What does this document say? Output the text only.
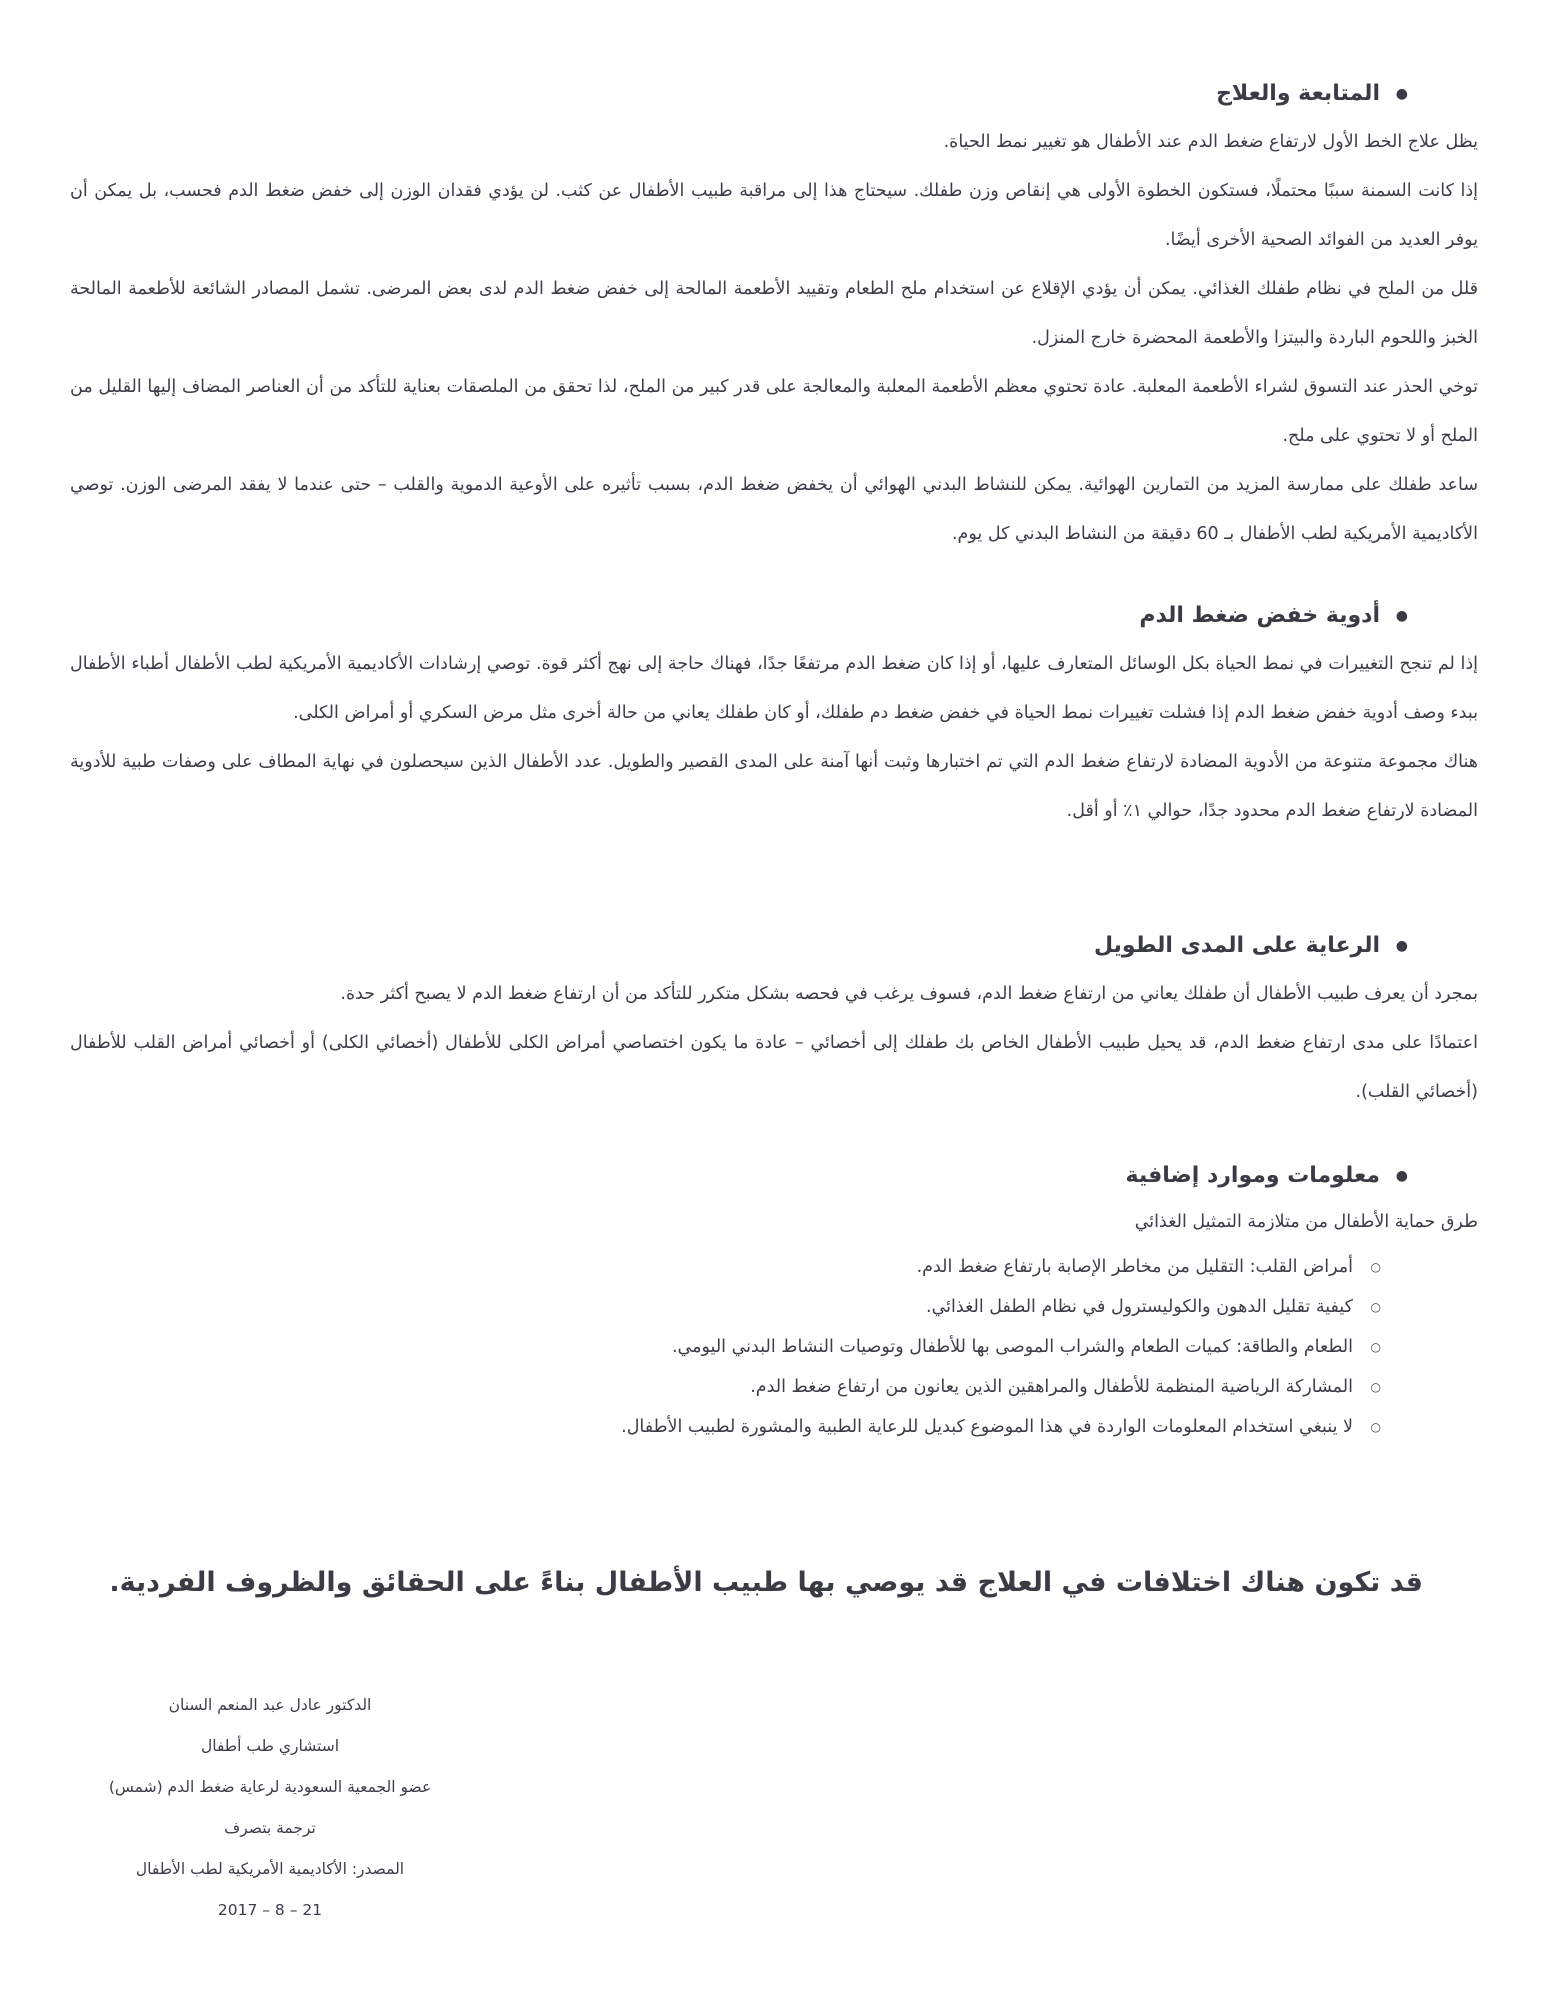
●
المتابعة والعلاج

يظل علاج الخط الأول لارتفاع ضغط الدم عند الأطفال هو تغيير نمط الحياة.

إذا كانت السمنة سببًا محتملًا، فستكون الخطوة الأولى هي إنقاص وزن طفلك. سيحتاج هذا إلى مراقبة طبيب الأطفال عن كثب. لن يؤدي فقدان الوزن إلى خفض ضغط الدم فحسب، بل يمكن أن يوفر العديد من الفوائد الصحية الأخرى أيضًا.

قلل من الملح في نظام طفلك الغذائي. يمكن أن يؤدي الإقلاع عن استخدام ملح الطعام وتقييد الأطعمة المالحة إلى خفض ضغط الدم لدى بعض المرضى. تشمل المصادر الشائعة للأطعمة المالحة الخبز واللحوم الباردة والبيتزا والأطعمة المحضرة خارج المنزل.

توخي الحذر عند التسوق لشراء الأطعمة المعلبة. عادة تحتوي معظم الأطعمة المعلبة والمعالجة على قدر كبير من الملح، لذا تحقق من الملصقات بعناية للتأكد من أن العناصر المضاف إليها القليل من الملح أو لا تحتوي على ملح.

ساعد طفلك على ممارسة المزيد من التمارين الهوائية. يمكن للنشاط البدني الهوائي أن يخفض ضغط الدم، بسبب تأثيره على الأوعية الدموية والقلب – حتى عندما لا يفقد المرضى الوزن. توصي الأكاديمية الأمريكية لطب الأطفال بـ 60 دقيقة من النشاط البدني كل يوم.

●
أدوية خفض ضغط الدم

إذا لم تنجح التغييرات في نمط الحياة بكل الوسائل المتعارف عليها، أو إذا كان ضغط الدم مرتفعًا جدًا، فهناك حاجة إلى نهج أكثر قوة. توصي إرشادات الأكاديمية الأمريكية لطب الأطفال أطباء الأطفال ببدء وصف أدوية خفض ضغط الدم إذا فشلت تغييرات نمط الحياة في خفض ضغط دم طفلك، أو كان طفلك يعاني من حالة أخرى مثل مرض السكري أو أمراض الكلى.

هناك مجموعة متنوعة من الأدوية المضادة لارتفاع ضغط الدم التي تم اختبارها وثبت أنها آمنة على المدى القصير والطويل. عدد الأطفال الذين سيحصلون في نهاية المطاف على وصفات طبية للأدوية المضادة لارتفاع ضغط الدم محدود جدًا، حوالي ١٪ أو أقل.

●
الرعاية على المدى الطويل

بمجرد أن يعرف طبيب الأطفال أن طفلك يعاني من ارتفاع ضغط الدم، فسوف يرغب في فحصه بشكل متكرر للتأكد من أن ارتفاع ضغط الدم لا يصبح أكثر حدة.

اعتمادًا على مدى ارتفاع ضغط الدم، قد يحيل طبيب الأطفال الخاص بك طفلك إلى أخصائي – عادة ما يكون اختصاصي أمراض الكلى للأطفال (أخصائي الكلى) أو أخصائي أمراض القلب للأطفال (أخصائي القلب).

●
معلومات وموارد إضافية

طرق حماية الأطفال من متلازمة التمثيل الغذائي

○
أمراض القلب: التقليل من مخاطر الإصابة بارتفاع ضغط الدم.
○
كيفية تقليل الدهون والكوليسترول في نظام الطفل الغذائي.
○
الطعام والطاقة: كميات الطعام والشراب الموصى بها للأطفال وتوصيات النشاط البدني اليومي.
○
المشاركة الرياضية المنظمة للأطفال والمراهقين الذين يعانون من ارتفاع ضغط الدم.
○
لا ينبغي استخدام المعلومات الواردة في هذا الموضوع كبديل للرعاية الطبية والمشورة لطبيب الأطفال.
قد تكون هناك اختلافات في العلاج قد يوصي بها طبيب الأطفال بناءً على الحقائق والظروف الفردية.
الدكتور عادل عبد المنعم السنان
استشاري طب أطفال
عضو الجمعية السعودية لرعاية ضغط الدم (شمس)
ترجمة بتصرف
المصدر: الأكاديمية الأمريكية لطب الأطفال
21 – 8 – 2017
